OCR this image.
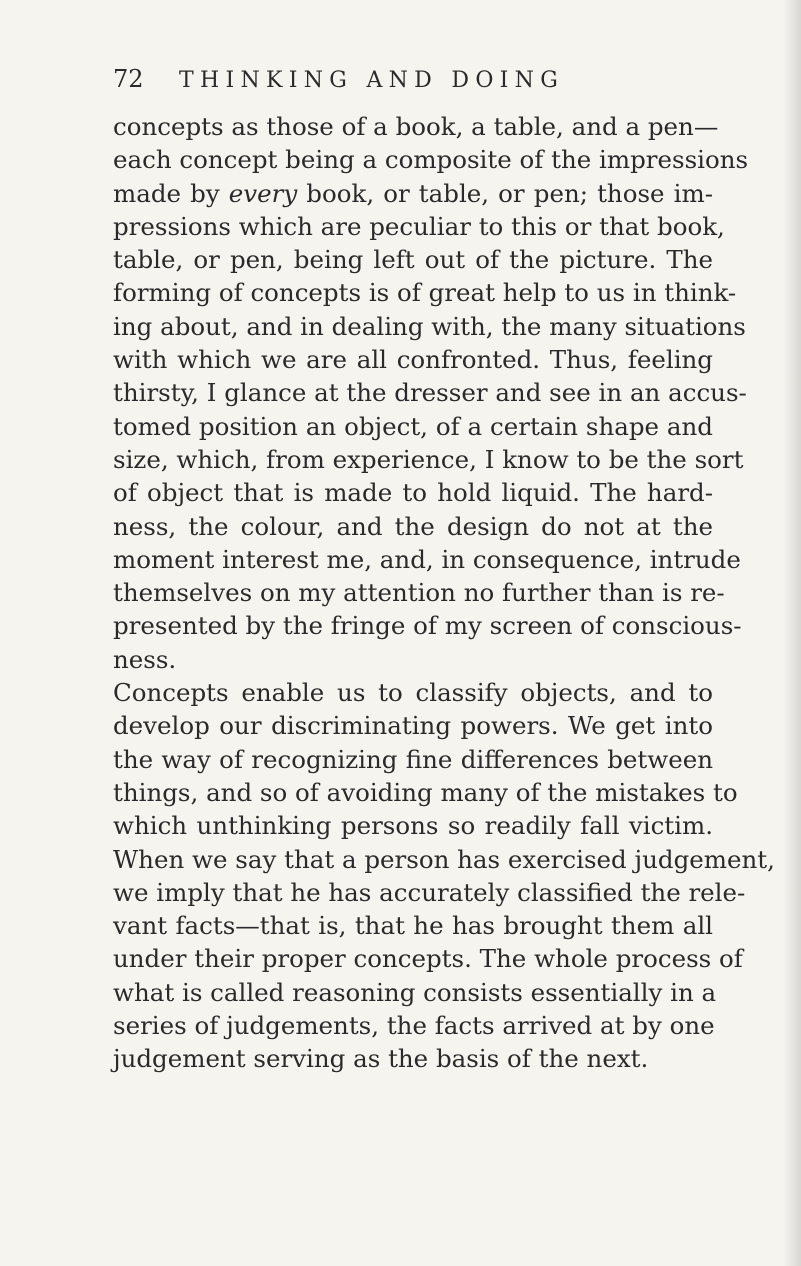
72 THINKING AND DOING
concepts as those of a book, a table, and a pen—
each concept being a composite of the impressions
made by every book, or table, or pen; those im-
pressions which are peculiar to this or that book,
table, or pen, being left out of the picture. The
forming of concepts is of great help to us in think-
ing about, and in dealing with, the many situations
with which we are all confronted. Thus, feeling
thirsty, I glance at the dresser and see in an accus-
tomed position an object, of a certain shape and
size, which, from experience, I know to be the sort
of object that is made to hold liquid. The hard-
ness, the colour, and the design do not at the
moment interest me, and, in consequence, intrude
themselves on my attention no further than is re-
presented by the fringe of my screen of conscious-
ness.
Concepts enable us to classify objects, and to
develop our discriminating powers. We get into
the way of recognizing fine differences between
things, and so of avoiding many of the mistakes to
which unthinking persons so readily fall victim.
When we say that a person has exercised judgement,
we imply that he has accurately classified the rele-
vant facts—that is, that he has brought them all
under their proper concepts. The whole process of
what is called reasoning consists essentially in a
series of judgements, the facts arrived at by one
judgement serving as the basis of the next.
